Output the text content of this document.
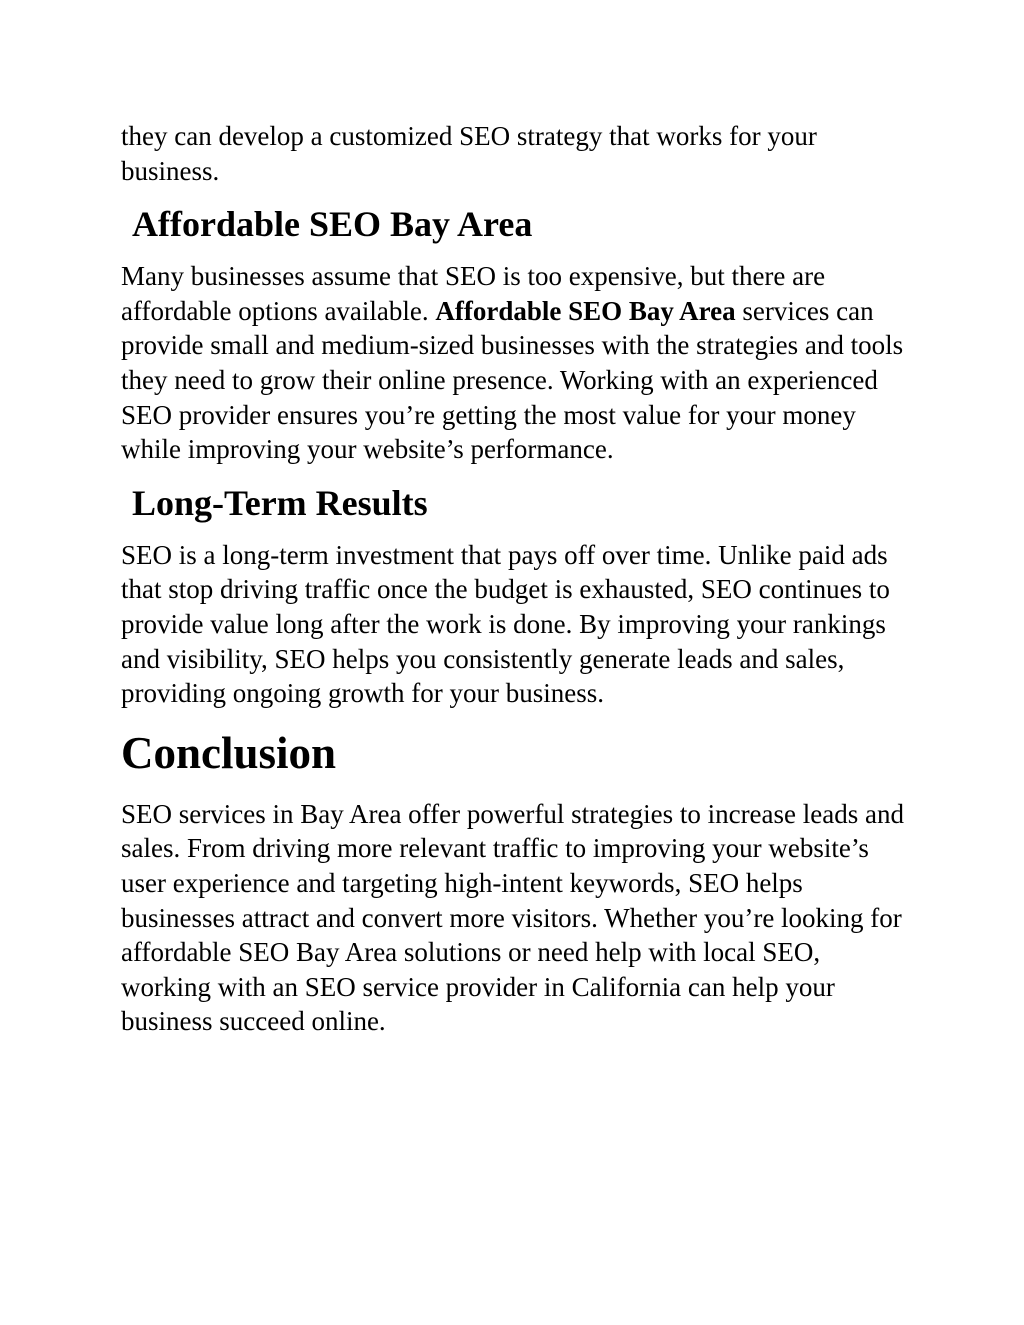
they can develop a customized SEO strategy that works for your business.

Affordable SEO Bay Area

Many businesses assume that SEO is too expensive, but there are affordable options available. Affordable SEO Bay Area services can provide small and medium-sized businesses with the strategies and tools they need to grow their online presence. Working with an experienced SEO provider ensures you’re getting the most value for your money while improving your website’s performance.

Long-Term Results

SEO is a long-term investment that pays off over time. Unlike paid ads that stop driving traffic once the budget is exhausted, SEO continues to provide value long after the work is done. By improving your rankings and visibility, SEO helps you consistently generate leads and sales, providing ongoing growth for your business.

Conclusion

SEO services in Bay Area offer powerful strategies to increase leads and sales. From driving more relevant traffic to improving your website’s user experience and targeting high-intent keywords, SEO helps businesses attract and convert more visitors. Whether you’re looking for affordable SEO Bay Area solutions or need help with local SEO, working with an SEO service provider in California can help your business succeed online.
